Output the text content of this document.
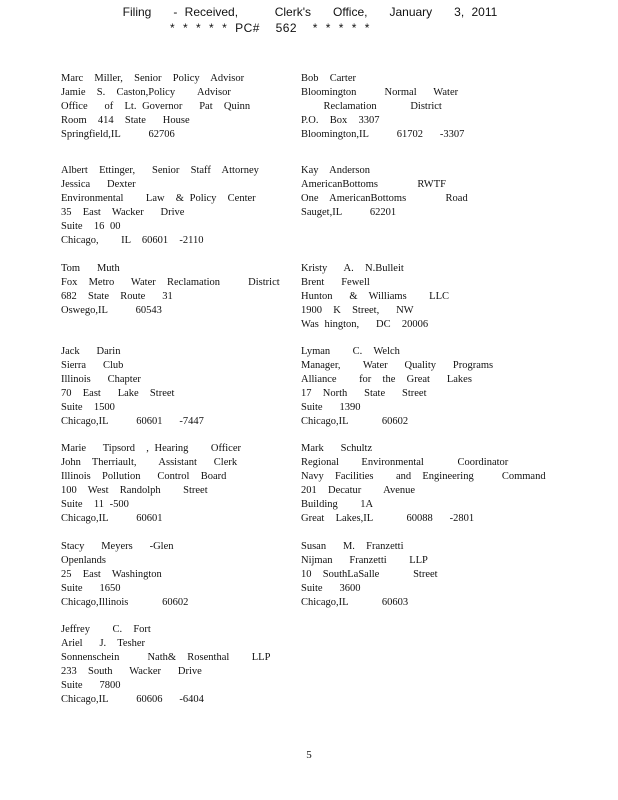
Filing   - Received,     Clerk's   Office,   January   3, 2011
* * * * * PC#  562  * * * * *
Marc  Miller,  Senior  Policy  Advisor
Jamie  S.  Caston,Policy    Advisor
Office   of  Lt. Governor   Pat  Quinn
Room  414  State   House
Springfield,IL     62706
Albert  Ettinger,   Senior  Staff  Attorney
Jessica   Dexter
Environmental    Law  & Policy  Center
35  East  Wacker   Drive
Suite  16 00
Chicago,    IL  60601  -2110
Tom   Muth
Fox  Metro   Water  Reclamation     District
682  State  Route   31
Oswego,IL     60543
Jack   Darin
Sierra   Club
Illinois   Chapter
70  East   Lake  Street
Suite  1500
Chicago,IL     60601   -7447
Marie   Tipsord  , Hearing    Officer
John  Therriault,    Assistant   Clerk
Illinois  Pollution   Control  Board
100  West  Randolph    Street
Suite  11 -500
Chicago,IL     60601
Stacy   Meyers   -Glen
Openlands
25  East  Washington
Suite   1650
Chicago,Illinois      60602
Jeffrey    C.  Fort
Ariel   J.  Tesher
Sonnenschein     Nath&  Rosenthal    LLP
233  South   Wacker   Drive
Suite   7800
Chicago,IL     60606   -6404
Bob  Carter
Bloomington     Normal   Water
Reclamation      District
P.O.  Box  3307
Bloomington,IL     61702   -3307
Kay  Anderson
AmericanBottoms       RWTF
One  AmericanBottoms       Road
Sauget,IL     62201
Kristy   A.  N.Bulleit
Brent   Fewell
Hunton   &  Williams    LLC
1900  K  Street,   NW
Was hington,   DC  20006
Lyman    C.  Welch
Manager,    Water   Quality   Programs
Alliance    for  the  Great   Lakes
17  North   State   Street
Suite   1390
Chicago,IL      60602
Mark   Schultz
Regional    Environmental      Coordinator
Navy  Facilities    and  Engineering     Command
201  Decatur    Avenue
Building    1A
Great  Lakes,IL      60088   -2801
Susan   M.  Franzetti
Nijman   Franzetti    LLP
10  SouthLaSalle      Street
Suite   3600
Chicago,IL      60603
5
